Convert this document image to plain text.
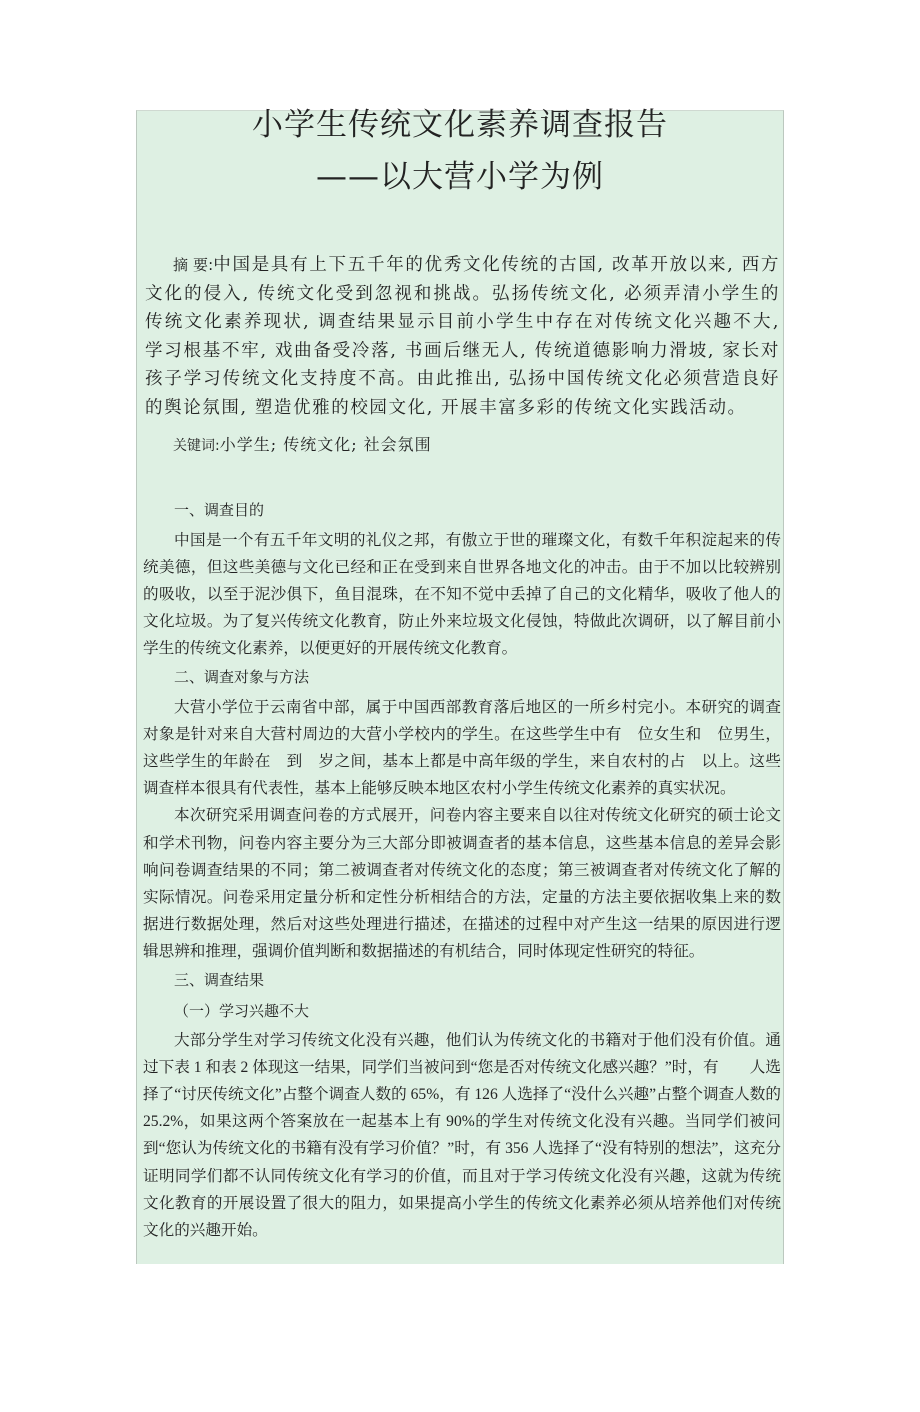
小学生传统文化素养调查报告
——以大营小学为例

摘 要:中国是具有上下五千年的优秀文化传统的古国, 改革开放以来, 西方文化的侵入, 传统文化受到忽视和挑战。弘扬传统文化, 必须弄清小学生的传统文化素养现状, 调查结果显示目前小学生中存在对传统文化兴趣不大, 学习根基不牢, 戏曲备受冷落, 书画后继无人, 传统道德影响力滑坡, 家长对孩子学习传统文化支持度不高。由此推出, 弘扬中国传统文化必须营造良好的舆论氛围, 塑造优雅的校园文化, 开展丰富多彩的传统文化实践活动。

关键词:小学生; 传统文化; 社会氛围
一、调查目的

中国是一个有五千年文明的礼仪之邦，有傲立于世的璀璨文化，有数千年积淀起来的传统美德，但这些美德与文化已经和正在受到来自世界各地文化的冲击。由于不加以比较辨别的吸收，以至于泥沙俱下，鱼目混珠，在不知不觉中丢掉了自己的文化精华，吸收了他人的文化垃圾。为了复兴传统文化教育，防止外来垃圾文化侵蚀，特做此次调研，以了解目前小学生的传统文化素养，以便更好的开展传统文化教育。

二、调查对象与方法

大营小学位于云南省中部，属于中国西部教育落后地区的一所乡村完小。本研究的调查对象是针对来自大营村周边的大营小学校内的学生。在这些学生中有　位女生和　位男生，这些学生的年龄在　到　岁之间，基本上都是中高年级的学生，来自农村的占　以上。这些调查样本很具有代表性，基本上能够反映本地区农村小学生传统文化素养的真实状况。

本次研究采用调查问卷的方式展开，问卷内容主要来自以往对传统文化研究的硕士论文和学术刊物，问卷内容主要分为三大部分即被调查者的基本信息，这些基本信息的差异会影响问卷调查结果的不同；第二被调查者对传统文化的态度；第三被调查者对传统文化了解的实际情况。问卷采用定量分析和定性分析相结合的方法，定量的方法主要依据收集上来的数据进行数据处理，然后对这些处理进行描述，在描述的过程中对产生这一结果的原因进行逻辑思辨和推理，强调价值判断和数据描述的有机结合，同时体现定性研究的特征。

三、调查结果
（一）学习兴趣不大

大部分学生对学习传统文化没有兴趣，他们认为传统文化的书籍对于他们没有价值。通过下表 1 和表 2 体现这一结果，同学们当被问到“您是否对传统文化感兴趣？”时，有　　人选择了“讨厌传统文化”占整个调查人数的 65%，有 126 人选择了“没什么兴趣”占整个调查人数的 25.2%，如果这两个答案放在一起基本上有 90%的学生对传统文化没有兴趣。当同学们被问到“您认为传统文化的书籍有没有学习价值？”时，有 356 人选择了“没有特别的想法”，这充分证明同学们都不认同传统文化有学习的价值，而且对于学习传统文化没有兴趣，这就为传统文化教育的开展设置了很大的阻力，如果提高小学生的传统文化素养必须从培养他们对传统文化的兴趣开始。
